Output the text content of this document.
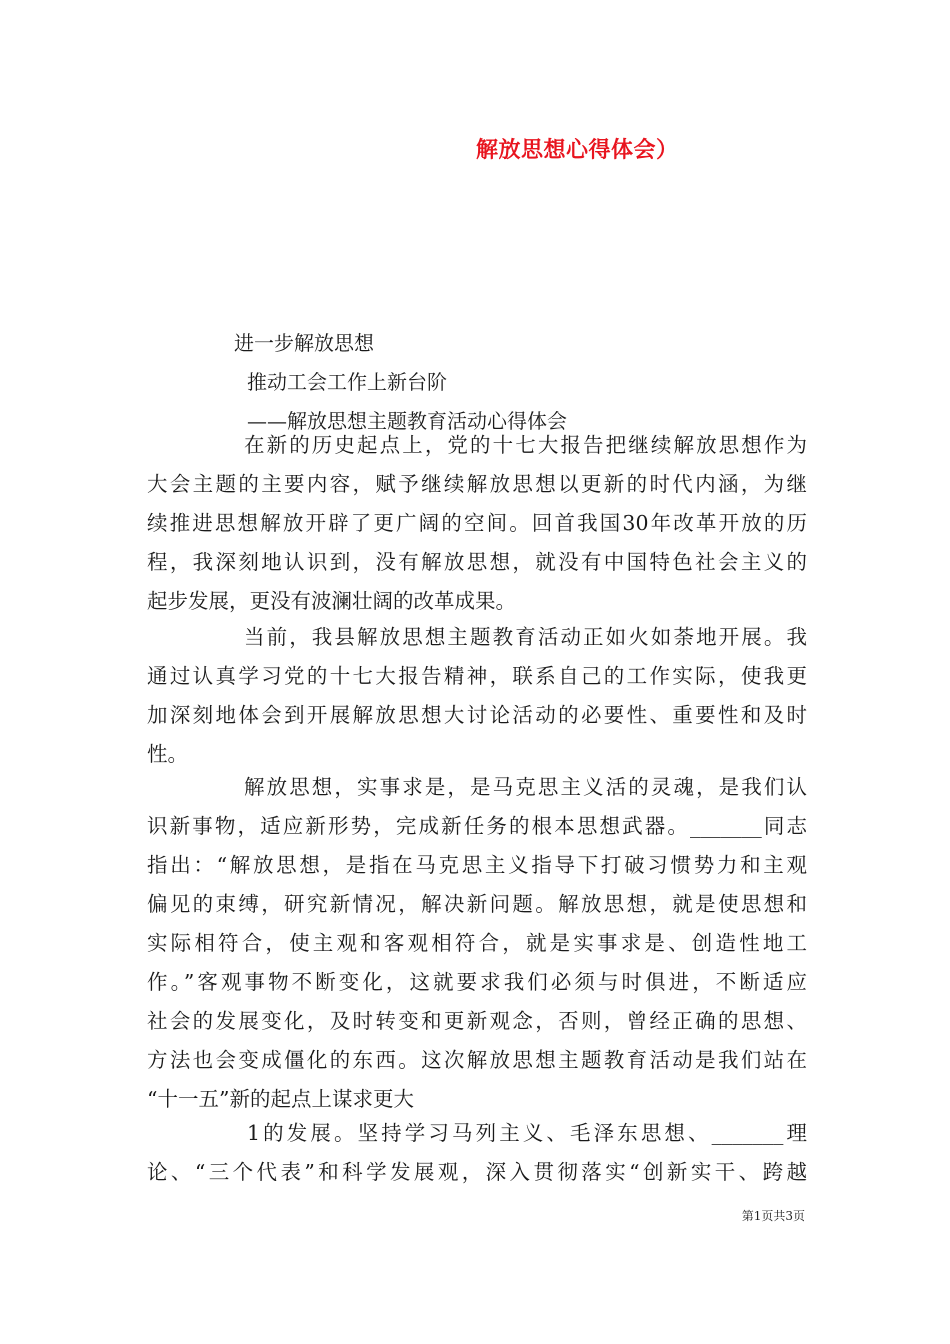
解放思想心得体会）
进一步解放思想
推动工会工作上新台阶
——解放思想主题教育活动心得体会
在新的历史起点上，党的十七大报告把继续解放思想作为
大会主题的主要内容，赋予继续解放思想以更新的时代内涵，为继
续推进思想解放开辟了更广阔的空间。回首我国30年改革开放的历
程，我深刻地认识到，没有解放思想，就没有中国特色社会主义的
起步发展，更没有波澜壮阔的改革成果。
当前，我县解放思想主题教育活动正如火如荼地开展。我
通过认真学习党的十七大报告精神，联系自己的工作实际，使我更
加深刻地体会到开展解放思想大讨论活动的必要性、重要性和及时
性。
解放思想，实事求是，是马克思主义活的灵魂，是我们认
识新事物，适应新形势，完成新任务的根本思想武器。_______同志
指出：“解放思想，是指在马克思主义指导下打破习惯势力和主观
偏见的束缚，研究新情况，解决新问题。解放思想，就是使思想和
实际相符合，使主观和客观相符合，就是实事求是、创造性地工
作。”客观事物不断变化，这就要求我们必须与时俱进，不断适应
社会的发展变化，及时转变和更新观念，否则，曾经正确的思想、
方法也会变成僵化的东西。这次解放思想主题教育活动是我们站在
“十一五”新的起点上谋求更大
1的发展。坚持学习马列主义、毛泽东思想、_______理
论、“三个代表”和科学发展观，深入贯彻落实“创新实干、跨越
第1页共3页
